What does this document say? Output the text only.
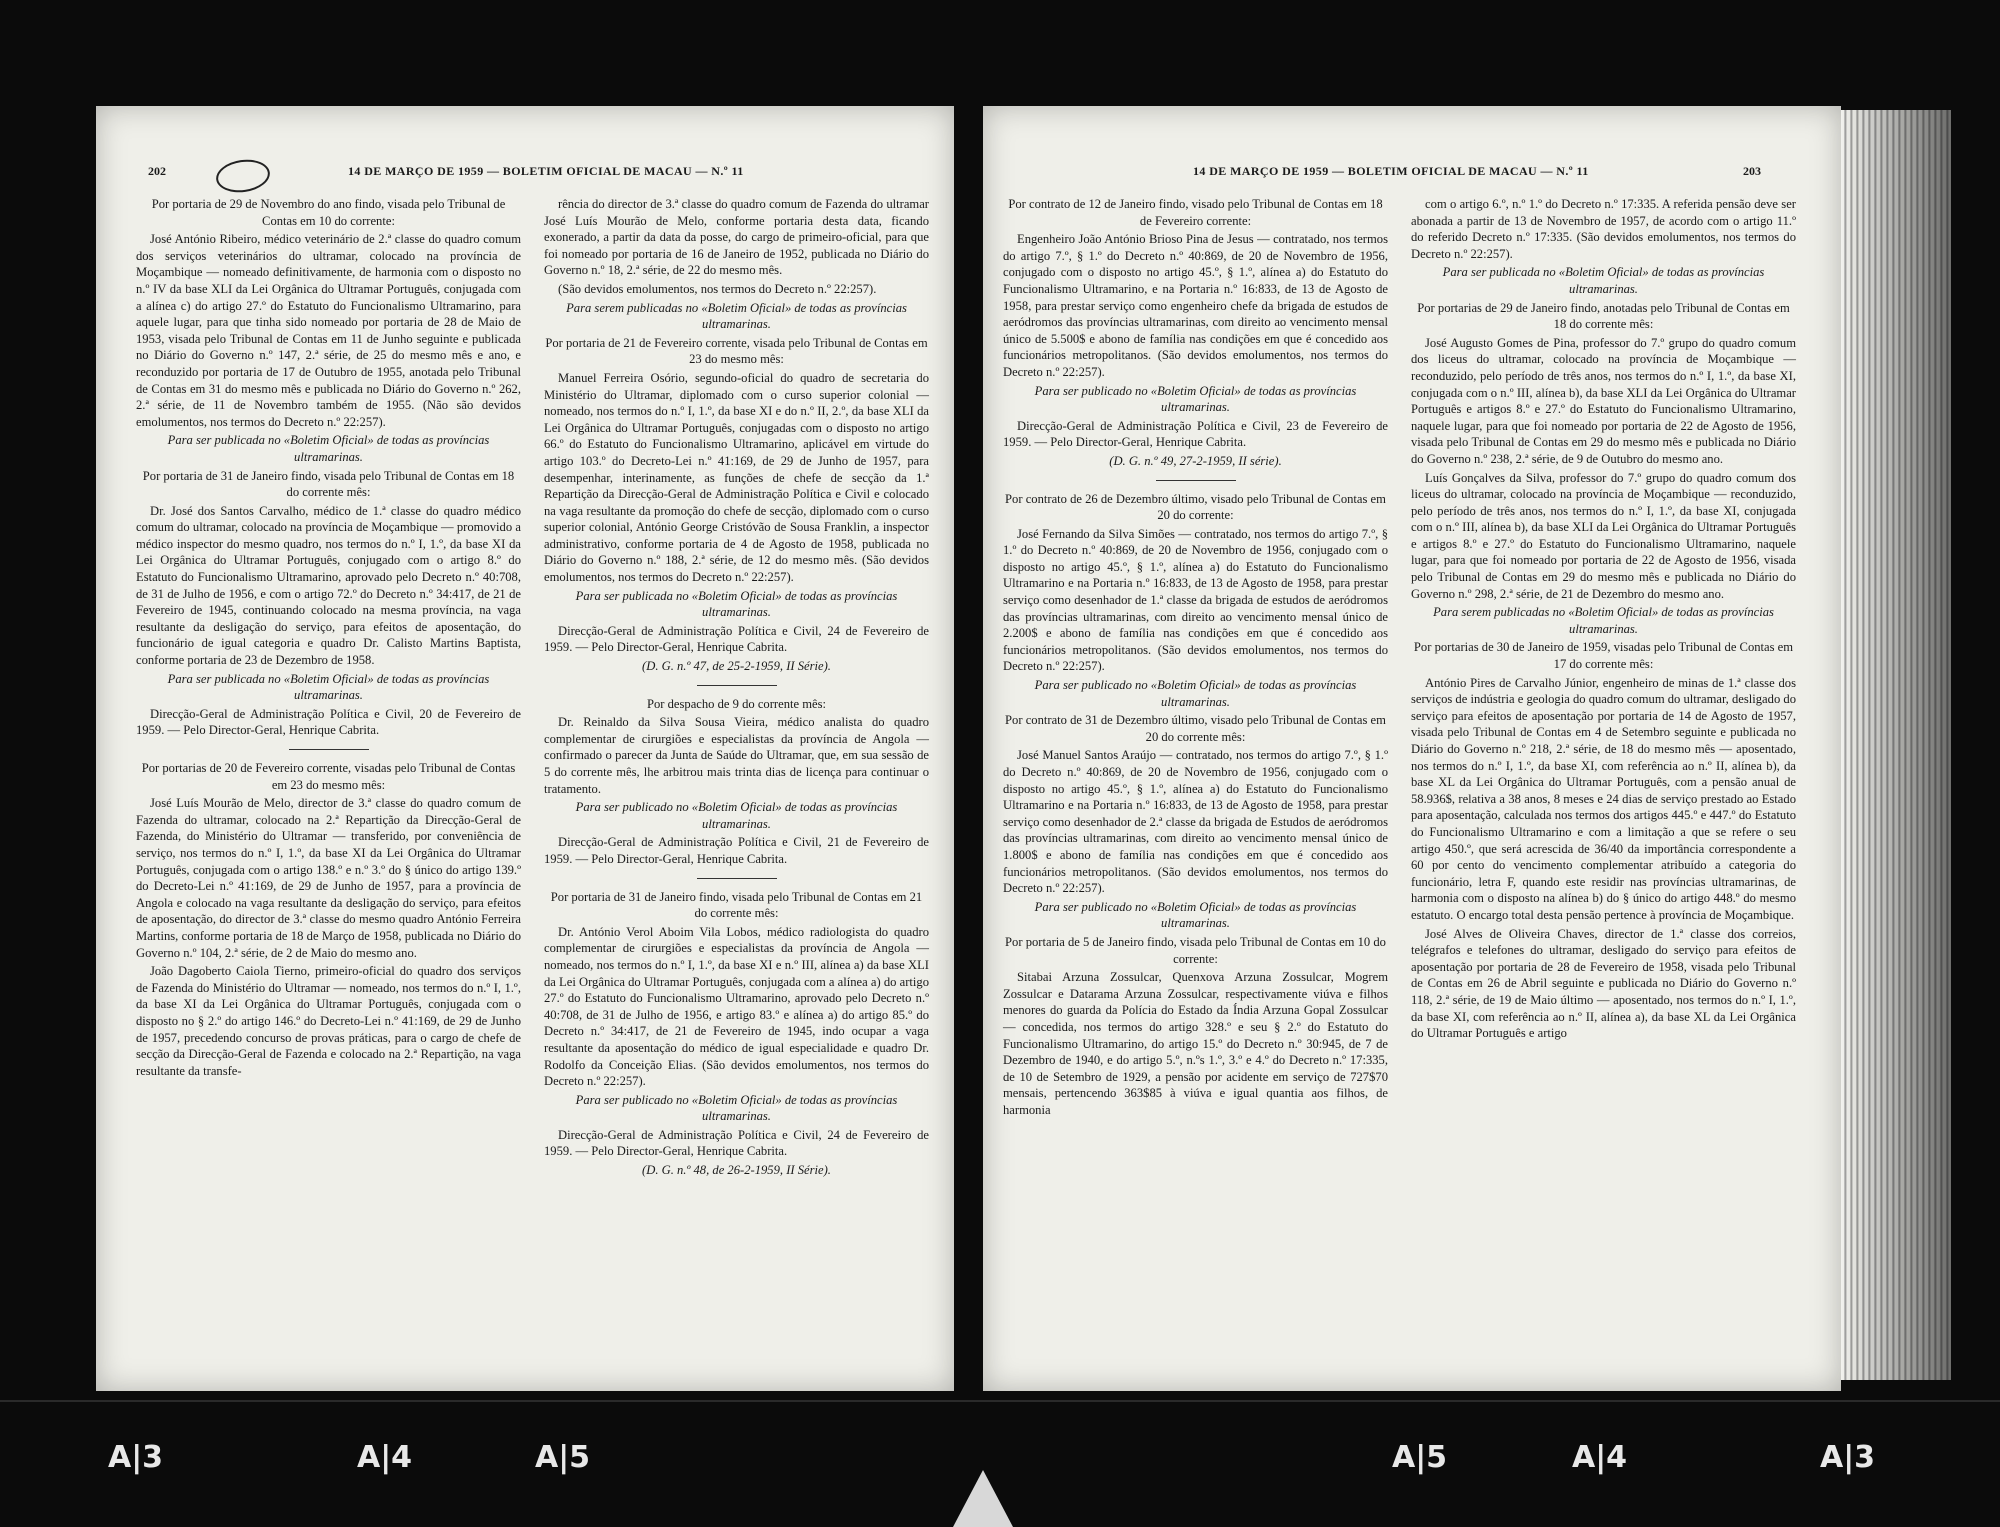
202	14 DE MARÇO DE 1959 — BOLETIM OFICIAL DE MACAU — N.º 11

Por portaria de 29 de Novembro do ano findo, visada pelo Tribunal de Contas em 10 do corrente:

José António Ribeiro, médico veterinário de 2.ª classe do quadro comum dos serviços veterinários do ultramar, colocado na província de Moçambique — nomeado definitivamente, de harmonia com o disposto no n.º IV da base XLI da Lei Orgânica do Ultramar Português, conjugada com a alínea c) do artigo 27.º do Estatuto do Funcionalismo Ultramarino, para aquele lugar, para que tinha sido nomeado por portaria de 28 de Maio de 1953, visada pelo Tribunal de Contas em 11 de Junho seguinte e publicada no Diário do Governo n.º 147, 2.ª série, de 25 do mesmo mês e ano, e reconduzido por portaria de 17 de Outubro de 1955, anotada pelo Tribunal de Contas em 31 do mesmo mês e publicada no Diário do Governo n.º 262, 2.ª série, de 11 de Novembro também de 1955. (Não são devidos emolumentos, nos termos do Decreto n.º 22:257).

Para ser publicada no «Boletim Oficial» de todas as províncias ultramarinas.

Por portaria de 31 de Janeiro findo, visada pelo Tribunal de Contas em 18 do corrente mês:

Dr. José dos Santos Carvalho, médico de 1.ª classe do quadro médico comum do ultramar, colocado na província de Moçambique — promovido a médico inspector do mesmo quadro, nos termos do n.º I, 1.º, da base XI da Lei Orgânica do Ultramar Português, conjugado com o artigo 8.º do Estatuto do Funcionalismo Ultramarino, aprovado pelo Decreto n.º 40:708, de 31 de Julho de 1956, e com o artigo 72.º do Decreto n.º 34:417, de 21 de Fevereiro de 1945, continuando colocado na mesma província, na vaga resultante da desligação do serviço, para efeitos de aposentação, do funcionário de igual categoria e quadro Dr. Calisto Martins Baptista, conforme portaria de 23 de Dezembro de 1958.

Para ser publicada no «Boletim Oficial» de todas as províncias ultramarinas.

Direcção-Geral de Administração Política e Civil, 20 de Fevereiro de 1959. — Pelo Director-Geral, Henrique Cabrita.

Por portarias de 20 de Fevereiro corrente, visadas pelo Tribunal de Contas em 23 do mesmo mês:

José Luís Mourão de Melo, director de 3.ª classe do quadro comum de Fazenda do ultramar, colocado na 2.ª Repartição da Direcção-Geral de Fazenda, do Ministério do Ultramar — transferido, por conveniência de serviço, nos termos do n.º I, 1.º, da base XI da Lei Orgânica do Ultramar Português, conjugada com o artigo 138.º e n.º 3.º do § único do artigo 139.º do Decreto-Lei n.º 41:169, de 29 de Junho de 1957, para a província de Angola e colocado na vaga resultante da desligação do serviço, para efeitos de aposentação, do director de 3.ª classe do mesmo quadro António Ferreira Martins, conforme portaria de 18 de Março de 1958, publicada no Diário do Governo n.º 104, 2.ª série, de 2 de Maio do mesmo ano.

João Dagoberto Caiola Tierno, primeiro-oficial do quadro dos serviços de Fazenda do Ministério do Ultramar — nomeado, nos termos do n.º I, 1.º, da base XI da Lei Orgânica do Ultramar Português, conjugada com o disposto no § 2.º do artigo 146.º do Decreto-Lei n.º 41:169, de 29 de Junho de 1957, precedendo concurso de provas práticas, para o cargo de chefe de secção da Direcção-Geral de Fazenda e colocado na 2.ª Repartição, na vaga resultante da transfe-

rência do director de 3.ª classe do quadro comum de Fazenda do ultramar José Luís Mourão de Melo, conforme portaria desta data, ficando exonerado, a partir da data da posse, do cargo de primeiro-oficial, para que foi nomeado por portaria de 16 de Janeiro de 1952, publicada no Diário do Governo n.º 18, 2.ª série, de 22 do mesmo mês.

(São devidos emolumentos, nos termos do Decreto n.º 22:257).

Para serem publicadas no «Boletim Oficial» de todas as províncias ultramarinas.

Por portaria de 21 de Fevereiro corrente, visada pelo Tribunal de Contas em 23 do mesmo mês:

Manuel Ferreira Osório, segundo-oficial do quadro de secretaria do Ministério do Ultramar, diplomado com o curso superior colonial — nomeado, nos termos do n.º I, 1.º, da base XI e do n.º II, 2.º, da base XLI da Lei Orgânica do Ultramar Português, conjugadas com o disposto no artigo 66.º do Estatuto do Funcionalismo Ultramarino, aplicável em virtude do artigo 103.º do Decreto-Lei n.º 41:169, de 29 de Junho de 1957, para desempenhar, interinamente, as funções de chefe de secção da 1.ª Repartição da Direcção-Geral de Administração Política e Civil e colocado na vaga resultante da promoção do chefe de secção, diplomado com o curso superior colonial, António George Cristóvão de Sousa Franklin, a inspector administrativo, conforme portaria de 4 de Agosto de 1958, publicada no Diário do Governo n.º 188, 2.ª série, de 12 do mesmo mês. (São devidos emolumentos, nos termos do Decreto n.º 22:257).

Para ser publicada no «Boletim Oficial» de todas as províncias ultramarinas.

Direcção-Geral de Administração Política e Civil, 24 de Fevereiro de 1959. — Pelo Director-Geral, Henrique Cabrita.

(D. G. n.º 47, de 25-2-1959, II Série).

Por despacho de 9 do corrente mês:

Dr. Reinaldo da Silva Sousa Vieira, médico analista do quadro complementar de cirurgiões e especialistas da província de Angola — confirmado o parecer da Junta de Saúde do Ultramar, que, em sua sessão de 5 do corrente mês, lhe arbitrou mais trinta dias de licença para continuar o tratamento.

Para ser publicado no «Boletim Oficial» de todas as províncias ultramarinas.

Direcção-Geral de Administração Política e Civil, 21 de Fevereiro de 1959. — Pelo Director-Geral, Henrique Cabrita.

Por portaria de 31 de Janeiro findo, visada pelo Tribunal de Contas em 21 do corrente mês:

Dr. António Verol Aboim Vila Lobos, médico radiologista do quadro complementar de cirurgiões e especialistas da província de Angola — nomeado, nos termos do n.º I, 1.º, da base XI e n.º III, alínea a) da base XLI da Lei Orgânica do Ultramar Português, conjugada com a alínea a) do artigo 27.º do Estatuto do Funcionalismo Ultramarino, aprovado pelo Decreto n.º 40:708, de 31 de Julho de 1956, e artigo 83.º e alínea a) do artigo 85.º do Decreto n.º 34:417, de 21 de Fevereiro de 1945, indo ocupar a vaga resultante da aposentação do médico de igual especialidade e quadro Dr. Rodolfo da Conceição Elias. (São devidos emolumentos, nos termos do Decreto n.º 22:257).

Para ser publicado no «Boletim Oficial» de todas as províncias ultramarinas.

Direcção-Geral de Administração Política e Civil, 24 de Fevereiro de 1959. — Pelo Director-Geral, Henrique Cabrita.

(D. G. n.º 48, de 26-2-1959, II Série).

14 DE MARÇO DE 1959 — BOLETIM OFICIAL DE MACAU — N.º 11	203

Por contrato de 12 de Janeiro findo, visado pelo Tribunal de Contas em 18 de Fevereiro corrente:

Engenheiro João António Brioso Pina de Jesus — contratado, nos termos do artigo 7.º, § 1.º do Decreto n.º 40:869, de 20 de Novembro de 1956, conjugado com o disposto no artigo 45.º, § 1.º, alínea a) do Estatuto do Funcionalismo Ultramarino, e na Portaria n.º 16:833, de 13 de Agosto de 1958, para prestar serviço como engenheiro chefe da brigada de estudos de aeródromos das províncias ultramarinas, com direito ao vencimento mensal único de 5.500$ e abono de família nas condições em que é concedido aos funcionários metropolitanos. (São devidos emolumentos, nos termos do Decreto n.º 22:257).

Para ser publicado no «Boletim Oficial» de todas as províncias ultramarinas.

Direcção-Geral de Administração Política e Civil, 23 de Fevereiro de 1959. — Pelo Director-Geral, Henrique Cabrita.

(D. G. n.º 49, 27-2-1959, II série).

Por contrato de 26 de Dezembro último, visado pelo Tribunal de Contas em 20 do corrente:

José Fernando da Silva Simões — contratado, nos termos do artigo 7.º, § 1.º do Decreto n.º 40:869, de 20 de Novembro de 1956, conjugado com o disposto no artigo 45.º, § 1.º, alínea a) do Estatuto do Funcionalismo Ultramarino e na Portaria n.º 16:833, de 13 de Agosto de 1958, para prestar serviço como desenhador de 1.ª classe da brigada de estudos de aeródromos das províncias ultramarinas, com direito ao vencimento mensal único de 2.200$ e abono de família nas condições em que é concedido aos funcionários metropolitanos. (São devidos emolumentos, nos termos do Decreto n.º 22:257).

Para ser publicado no «Boletim Oficial» de todas as províncias ultramarinas.

Por contrato de 31 de Dezembro último, visado pelo Tribunal de Contas em 20 do corrente mês:

José Manuel Santos Araújo — contratado, nos termos do artigo 7.º, § 1.º do Decreto n.º 40:869, de 20 de Novembro de 1956, conjugado com o disposto no artigo 45.º, § 1.º, alínea a) do Estatuto do Funcionalismo Ultramarino e na Portaria n.º 16:833, de 13 de Agosto de 1958, para prestar serviço como desenhador de 2.ª classe da brigada de Estudos de aeródromos das províncias ultramarinas, com direito ao vencimento mensal único de 1.800$ e abono de família nas condições em que é concedido aos funcionários metropolitanos. (São devidos emolumentos, nos termos do Decreto n.º 22:257).

Para ser publicado no «Boletim Oficial» de todas as províncias ultramarinas.

Por portaria de 5 de Janeiro findo, visada pelo Tribunal de Contas em 10 do corrente:

Sitabai Arzuna Zossulcar, Quenxova Arzuna Zossulcar, Mogrem Zossulcar e Datarama Arzuna Zossulcar, respectivamente viúva e filhos menores do guarda da Polícia do Estado da Índia Arzuna Gopal Zossulcar — concedida, nos termos do artigo 328.º e seu § 2.º do Estatuto do Funcionalismo Ultramarino, do artigo 15.º do Decreto n.º 30:945, de 7 de Dezembro de 1940, e do artigo 5.º, n.ºs 1.º, 3.º e 4.º do Decreto n.º 17:335, de 10 de Setembro de 1929, a pensão por acidente em serviço de 727$70 mensais, pertencendo 363$85 à viúva e igual quantia aos filhos, de harmonia

com o artigo 6.º, n.º 1.º do Decreto n.º 17:335. A referida pensão deve ser abonada a partir de 13 de Novembro de 1957, de acordo com o artigo 11.º do referido Decreto n.º 17:335. (São devidos emolumentos, nos termos do Decreto n.º 22:257).

Para ser publicada no «Boletim Oficial» de todas as províncias ultramarinas.

Por portarias de 29 de Janeiro findo, anotadas pelo Tribunal de Contas em 18 do corrente mês:

José Augusto Gomes de Pina, professor do 7.º grupo do quadro comum dos liceus do ultramar, colocado na província de Moçambique — reconduzido, pelo período de três anos, nos termos do n.º I, 1.º, da base XI, conjugada com o n.º III, alínea b), da base XLI da Lei Orgânica do Ultramar Português e artigos 8.º e 27.º do Estatuto do Funcionalismo Ultramarino, naquele lugar, para que foi nomeado por portaria de 22 de Agosto de 1956, visada pelo Tribunal de Contas em 29 do mesmo mês e publicada no Diário do Governo n.º 238, 2.ª série, de 9 de Outubro do mesmo ano.

Luís Gonçalves da Silva, professor do 7.º grupo do quadro comum dos liceus do ultramar, colocado na província de Moçambique — reconduzido, pelo período de três anos, nos termos do n.º I, 1.º, da base XI, conjugada com o n.º III, alínea b), da base XLI da Lei Orgânica do Ultramar Português e artigos 8.º e 27.º do Estatuto do Funcionalismo Ultramarino, naquele lugar, para que foi nomeado por portaria de 22 de Agosto de 1956, visada pelo Tribunal de Contas em 29 do mesmo mês e publicada no Diário do Governo n.º 298, 2.ª série, de 21 de Dezembro do mesmo ano.

Para serem publicadas no «Boletim Oficial» de todas as províncias ultramarinas.

Por portarias de 30 de Janeiro de 1959, visadas pelo Tribunal de Contas em 17 do corrente mês:

António Pires de Carvalho Júnior, engenheiro de minas de 1.ª classe dos serviços de indústria e geologia do quadro comum do ultramar, desligado do serviço para efeitos de aposentação por portaria de 14 de Agosto de 1957, visada pelo Tribunal de Contas em 4 de Setembro seguinte e publicada no Diário do Governo n.º 218, 2.ª série, de 18 do mesmo mês — aposentado, nos termos do n.º I, 1.º, da base XI, com referência ao n.º II, alínea b), da base XL da Lei Orgânica do Ultramar Português, com a pensão anual de 58.936$, relativa a 38 anos, 8 meses e 24 dias de serviço prestado ao Estado para aposentação, calculada nos termos dos artigos 445.º e 447.º do Estatuto do Funcionalismo Ultramarino e com a limitação a que se refere o seu artigo 450.º, que será acrescida de 36/40 da importância correspondente a 60 por cento do vencimento complementar atribuído a categoria do funcionário, letra F, quando este residir nas províncias ultramarinas, de harmonia com o disposto na alínea b) do § único do artigo 448.º do mesmo estatuto. O encargo total desta pensão pertence à província de Moçambique.

José Alves de Oliveira Chaves, director de 1.ª classe dos correios, telégrafos e telefones do ultramar, desligado do serviço para efeitos de aposentação por portaria de 28 de Fevereiro de 1958, visada pelo Tribunal de Contas em 26 de Abril seguinte e publicada no Diário do Governo n.º 118, 2.ª série, de 19 de Maio último — aposentado, nos termos do n.º I, 1.º, da base XI, com referência ao n.º II, alínea a), da base XL da Lei Orgânica do Ultramar Português e artigo

A|3	A|4	A|5	A|5	A|4	A|3
